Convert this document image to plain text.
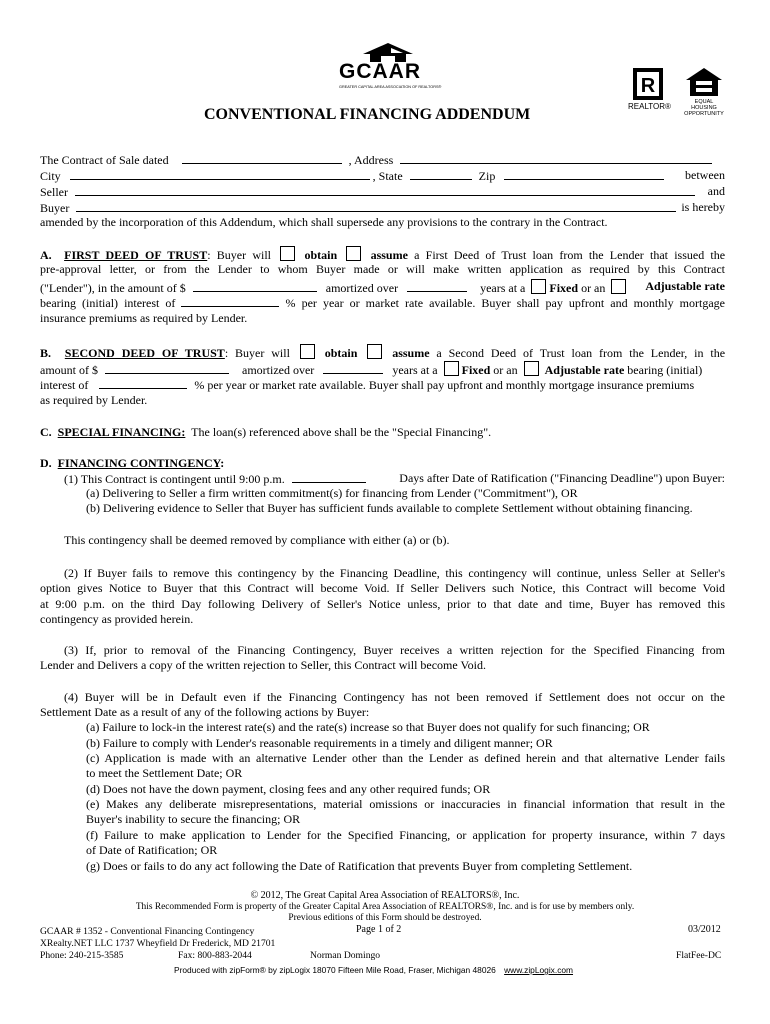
GCAAR
GREATER CAPITAL AREA ASSOCIATION OF REALTORS®	R
REALTOR®	EQUAL HOUSING OPPORTUNITY
CONVENTIONAL FINANCING ADDENDUM
The Contract of Sale dated	, Address
City	, State	Zip	between
Seller	and
Buyer	is hereby
amended by the incorporation of this Addendum, which shall supersede any provisions to the contrary in the Contract.
A. FIRST DEED OF TRUST: Buyer will	obtain	assume a First Deed of Trust loan from the Lender that issued the
pre-approval letter, or from the Lender to whom Buyer made or will make written application as required by this Contract
("Lender"), in the amount of $	amortized over	years at a Fixed or an	Adjustable rate
bearing (initial) interest of	% per year or market rate available. Buyer shall pay upfront and monthly mortgage
insurance premiums as required by Lender.
B. SECOND DEED OF TRUST: Buyer will	obtain	assume a Second Deed of Trust loan from the Lender, in the
amount of $	amortized over	years at a Fixed or an Adjustable rate bearing (initial)
interest of	% per year or market rate available. Buyer shall pay upfront and monthly mortgage insurance premiums
as required by Lender.
C. SPECIAL FINANCING: The loan(s) referenced above shall be the "Special Financing".
D. FINANCING CONTINGENCY:
(1) This Contract is contingent until 9:00 p.m.	Days after Date of Ratification ("Financing Deadline") upon Buyer:
(a) Delivering to Seller a firm written commitment(s) for financing from Lender ("Commitment"), OR
(b) Delivering evidence to Seller that Buyer has sufficient funds available to complete Settlement without obtaining financing.
This contingency shall be deemed removed by compliance with either (a) or (b).
(2) If Buyer fails to remove this contingency by the Financing Deadline, this contingency will continue, unless Seller at Seller's
option gives Notice to Buyer that this Contract will become Void. If Seller Delivers such Notice, this Contract will become Void
at 9:00 p.m. on the third Day following Delivery of Seller's Notice unless, prior to that date and time, Buyer has removed this
contingency as provided herein.
(3) If, prior to removal of the Financing Contingency, Buyer receives a written rejection for the Specified Financing from
Lender and Delivers a copy of the written rejection to Seller, this Contract will become Void.
(4) Buyer will be in Default even if the Financing Contingency has not been removed if Settlement does not occur on the
Settlement Date as a result of any of the following actions by Buyer:
(a) Failure to lock-in the interest rate(s) and the rate(s) increase so that Buyer does not qualify for such financing; OR
(b) Failure to comply with Lender's reasonable requirements in a timely and diligent manner; OR
(c) Application is made with an alternative Lender other than the Lender as defined herein and that alternative Lender fails
to meet the Settlement Date; OR
(d) Does not have the down payment, closing fees and any other required funds; OR
(e) Makes any deliberate misrepresentations, material omissions or inaccuracies in financial information that result in the
Buyer's inability to secure the financing; OR
(f) Failure to make application to Lender for the Specified Financing, or application for property insurance, within 7 days
of Date of Ratification; OR
(g) Does or fails to do any act following the Date of Ratification that prevents Buyer from completing Settlement.
© 2012, The Great Capital Area Association of REALTORS®, Inc.
This Recommended Form is property of the Greater Capital Area Association of REALTORS®, Inc. and is for use by members only.
Previous editions of this Form should be destroyed.
GCAAR # 1352 - Conventional Financing Contingency	Page 1 of 2	03/2012
XRealty.NET LLC 1737 Wheyfield Dr Frederick, MD 21701
Phone: 240-215-3585	Fax: 800-883-2044	Norman Domingo	FlatFee-DC
Produced with zipForm® by zipLogix 18070 Fifteen Mile Road, Fraser, Michigan 48026 www.zipLogix.com
